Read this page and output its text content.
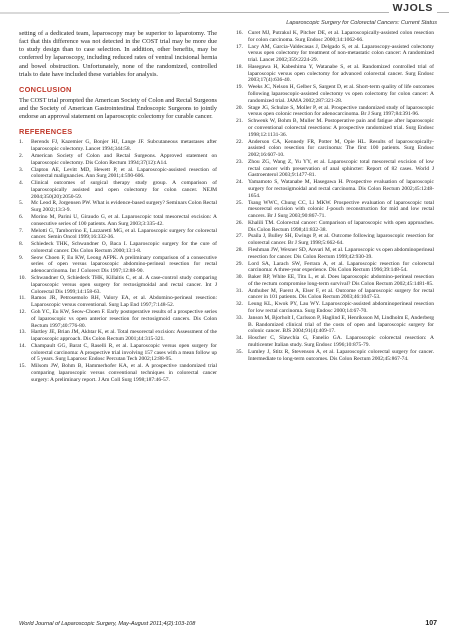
WJOLS
Laparoscopic Surgery for Colorectal Cancers: Current Status

setting of a dedicated team, laparoscopy may be superior to laparotomy. The fact that this difference was not detected in the COST trial may be more due to study design than to case selection. In addition, other benefits, may be conferred by laparoscopy, including reduced rates of ventral incisional hernia and bowel obstruction. Unfortunately, none of the randomized, controlled trials to date have included these variables for analysis.

CONCLUSION

The COST trial prompted the American Society of Colon and Rectal Surgeons and the Society of American Gastrointestinal Endoscopic Surgeons to jointly endorse an approval statement on laparoscopic colectomy for curable cancer.

REFERENCES
1.	Berends FJ, Kazemier G, Bonjer HJ, Lange JF. Subcutaneous metastases after laparoscopic colectomy. Lancet 1994;344:58.
2.	American Society of Colon and Rectal Surgeons. Approved statement on laparoscopic colectomy. Dis Colon Rectum 1994;37(12):A14.
3.	Clapton AE, Levitt MD, Hewett P, et al. Laparoscopic-assisted resection of colorectal malignancies. Ann Surg 2001;4:590-606.
4.	Clinical outcomes of surgical therapy study group. A comparison of laparoscopically assisted and open colectomy for colon cancer. NEJM 2004;350(20):2050-59.
5.	Mc Leod R, Jorgensen PW. What is evidence-based surgery? Seminars Colon Rectal Surg 2002;13:3-9.
6.	Morino M, Parini U, Giraudo G, et al. Laparoscopic total mesorectal excision: A consecutive series of 100 patients. Ann Surg 2003;3:335-42.
7.	Melotti G, Tamborrino E, Lazzaretti MG, et al. Laparoscopic surgery for colorectal cancer. Semin Oncol 1999;16:332-36.
8.	Schiedeck THK, Schwandner O, Baca I. Laparoscopic surgery for the cure of colorectal cancer. Dis Colon Rectum 2000;13:1-8.
9.	Seow Choen F, Eu KW, Leong AFPK. A preliminary comparison of a consecutive series of open versus laparoscopic abdomino-perineal resection for rectal adenocarcinoma. Int J Colorect Dis 1997;12:88-90.
10. Schwandner O, Schiedeck THK, Killaitis C, et al. A case-control study comparing laparoscopic versus open surgery for rectosigmoidal and rectal cancer. Int J Colorectal Dis 1999;14:158-63.
11. Ramos JR, Petrosemolo RH, Valory EA, et al. Abdomino-perineal resection: Laparoscopic versus conventional. Surg Lap End 1997;7:148-52.
12. Goh YC, Eu KW, Seow-Choen F. Early postoperative results of a prospective series of laparoscopic vs open anterior resection for rectosigmoid cancers. Dis Colon Rectum 1997;40:776-80.
13. Hartley JE, Brian JM, Akhtar K, et al. Total mesorectal excision: Assessment of the laparoscopic approach. Dis Colon Rectum 2001;44:315-321.
14. Champault GG, Barat C, Raselli R, et al. Laparoscopic versus open surgery for colorectal carcinoma: A prospective trial involving 157 cases with a mean follow up of 5 years. Surg Laparosc Endosc Percutan Tech 2002;12:88-95.
15. Milsom JW, Bohm B, Hammerhofer KA, et al. A prospective randomized trial comparing laparoscopic versus conventional techniques in colorectal cancer surgery: A preliminary report. J Am Coll Surg 1998;187:46-57.
16. Curet MJ, Putrakul K, Pitcher DE, et al. Laparoscopically-assisted colon resection for colon carcinoma. Surg Endosc 2000;14:1062-66.
17. Lacy AM, Garcia-Valdecasas J, Delgado S, et al. Laparoscopy-assisted colectomy versus open colectomy for treatment of non-metastatic colon cancer: A randomized trial. Lancet 2002;359:2224-29.
18. Hasegawa H, Kabeshima Y, Watanabe S, et al. Randomized controlled trial of laparoscopic versus open colectomy for advanced colorectal cancer. Surg Endosc 2003;17(4):636-40.
19. Weeks JC, Nelson H, Gelber S, Sargent D, et al. Short-term quality of life outcomes following laparoscopic-assisted colectomy vs open colectomy for colon cancer: A randomized trial. JAMA 2002;287:321-28.
20. Stage JG, Schulze S, Moller P, et al. Prospective randomized study of laparoscopic versus open colonic resection for adenocarcinoma. Br J Surg 1997;84:391-96.
21. Schwenk W, Bohm B, Muller M. Postoperative pain and fatigue after laparoscopic or conventional colorectal resections: A prospective randomized trial. Surg Endosc 1998;12:1131-36.
22. Anderson CA, Kennedy FR, Potter M, Opie HL. Results of laparoscopically-assisted colon resection for carcinoma: The first 100 patients. Surg Endosc 2002;16:607-10.
23. Zhou ZG, Wang Z, Yu YY, et al. Laparoscopic total mesorectal excision of low rectal cancer with preservation of anal sphincter: Report of 82 cases. World J Gastroenterol 2003;9:1477-81.
24. Yamamoto S, Watanabe M, Hasegawa H. Prospective evaluation of laparoscopic surgery for rectosigmoidal and rectal carcinoma. Dis Colon Rectum 2002;45:1248-1654.
25. Tsang WWC, Chung CC, Li MKW. Prospective evaluation of laparoscopic total mesorectal excision with colonic J-pouch reconstruction for mid and low rectal cancers. Br J Surg 2003;90:867-71.
26. Khalili TM. Colorectal cancer: Comparison of laparoscopic with open approaches. Dis Colon Rectum 1998;41:832-38.
27. Psaila J, Bulley SH, Ewings P, et al. Outcome following laparoscopic resection for colorectal cancer. Br J Surg 1998;5:662-64.
28. Fleshman JW, Wexner SD, Anvari M, et al. Laparoscopic vs open abdominoperineal resection for cancer. Dis Colon Rectum 1999;42:930-39.
29. Lord SA, Larach SW, Ferrara A, et al. Laparoscopic resection for colorectal carcinoma: A three-year experience. Dis Colon Rectum 1996;39:148-54.
30. Baker RP, White EE, Titu L, et al. Does laparoscopic abdomino-perineal resection of the rectum compromise long-term survival? Dis Colon Rectum 2002;45:1481-85.
31. Anthuber M, Fuerst A, Elser F, et al. Outcome of laparoscopic surgery for rectal cancer in 101 patients. Dis Colon Rectum 2003;46:1047-53.
32. Leung KL, Kwok PY, Lau WY. Laparoscopic-assisted abdominoperineal resection for low rectal carcinoma. Surg Endosc 2000;14:67-70.
33. Janson M, Bjorholt I, Carlsson P, Haglind E, Henriksson M, Lindholm E, Anderberg B. Randomized clinical trial of the costs of open and laparoscopic surgery for colonic cancer. BJS 2004;91(4):409-17.
34. Hoscher C, Slawchia G, Fanelio GA. Laparoscopic colorectal resection: A multicenter Italian study. Surg Endosc 1996;10:875-79.
35. Lumley J, Stitz R, Stevenson A, et al. Laparoscopic colorectal surgery for cancer. Intermediate to long-term outcomes. Dis Colon Rectum 2002;45:867-74.
World Journal of Laparoscopic Surgery, May-August 2011;4(2):103-108	107
